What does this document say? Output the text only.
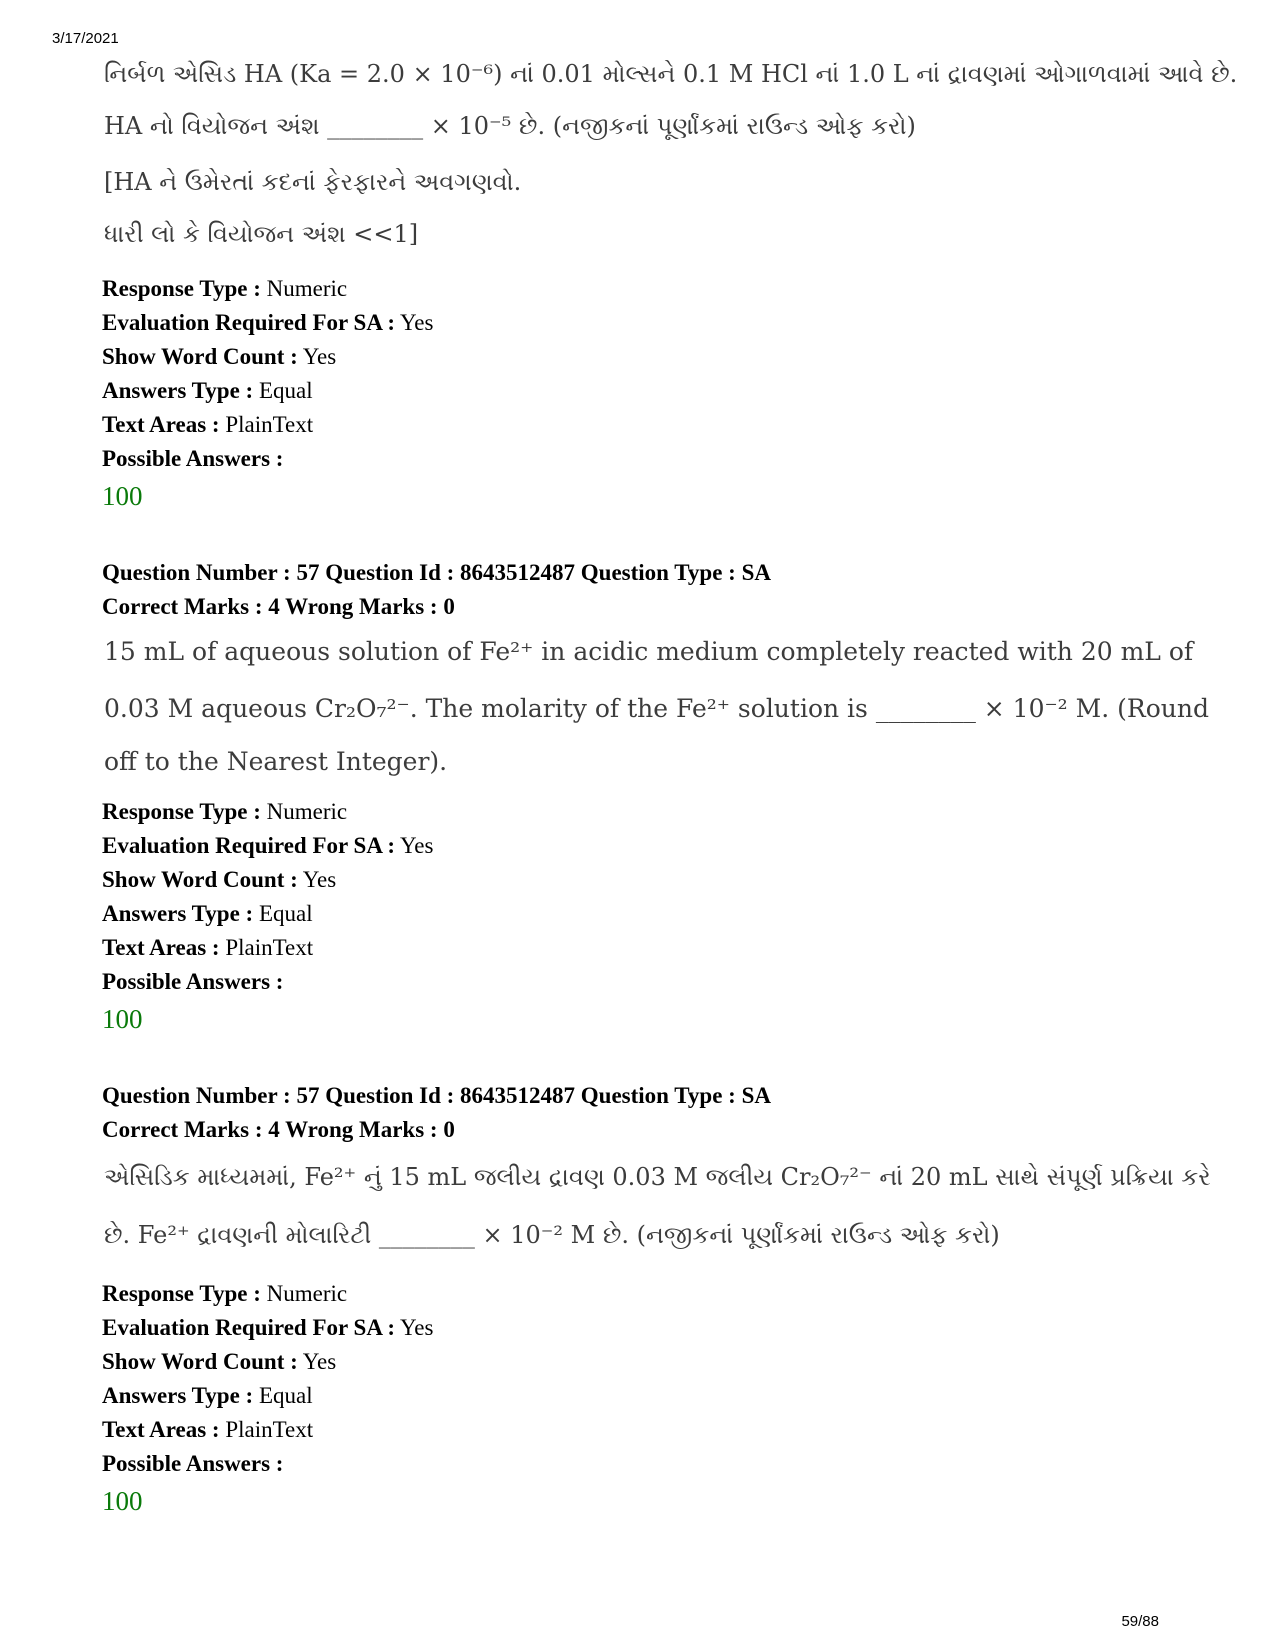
3/17/2021
નિર્બળ એસિડ HA (Ka = 2.0 × 10⁻⁶) નાં 0.01 મોલ્સને 0.1 M HCl નાં 1.0 L નાં દ્રાવણમાં ઓગાળવામાં આવે છે.
HA નો વિયોજન અંશ ________ × 10⁻⁵ છે. (નજીકનાં પૂર્ણાંકમાં રાઉન્ડ ઓફ કરો)
[HA ને ઉમેરતાં કદનાં ફેરફારને અવગણવો.
ધારી લો કે વિયોજન અંશ <<1]
Response Type : Numeric
Evaluation Required For SA : Yes
Show Word Count : Yes
Answers Type : Equal
Text Areas : PlainText
Possible Answers :
100
Question Number : 57 Question Id : 8643512487 Question Type : SA
Correct Marks : 4 Wrong Marks : 0
15 mL of aqueous solution of Fe²⁺ in acidic medium completely reacted with 20 mL of
0.03 M aqueous Cr₂O₇²⁻. The molarity of the Fe²⁺ solution is ________ × 10⁻² M. (Round
off to the Nearest Integer).
Response Type : Numeric
Evaluation Required For SA : Yes
Show Word Count : Yes
Answers Type : Equal
Text Areas : PlainText
Possible Answers :
100
Question Number : 57 Question Id : 8643512487 Question Type : SA
Correct Marks : 4 Wrong Marks : 0
એસિડિક માધ્યમમાં, Fe²⁺ નું 15 mL જલીય દ્રાવણ 0.03 M જલીય Cr₂O₇²⁻ નાં 20 mL સાથે સંપૂર્ણ પ્રક્રિયા કરે
છે. Fe²⁺ દ્રાવણની મોલારિટી ________ × 10⁻² M છે. (નજીકનાં પૂર્ણાંકમાં રાઉન્ડ ઓફ કરો)
Response Type : Numeric
Evaluation Required For SA : Yes
Show Word Count : Yes
Answers Type : Equal
Text Areas : PlainText
Possible Answers :
100
59/88
